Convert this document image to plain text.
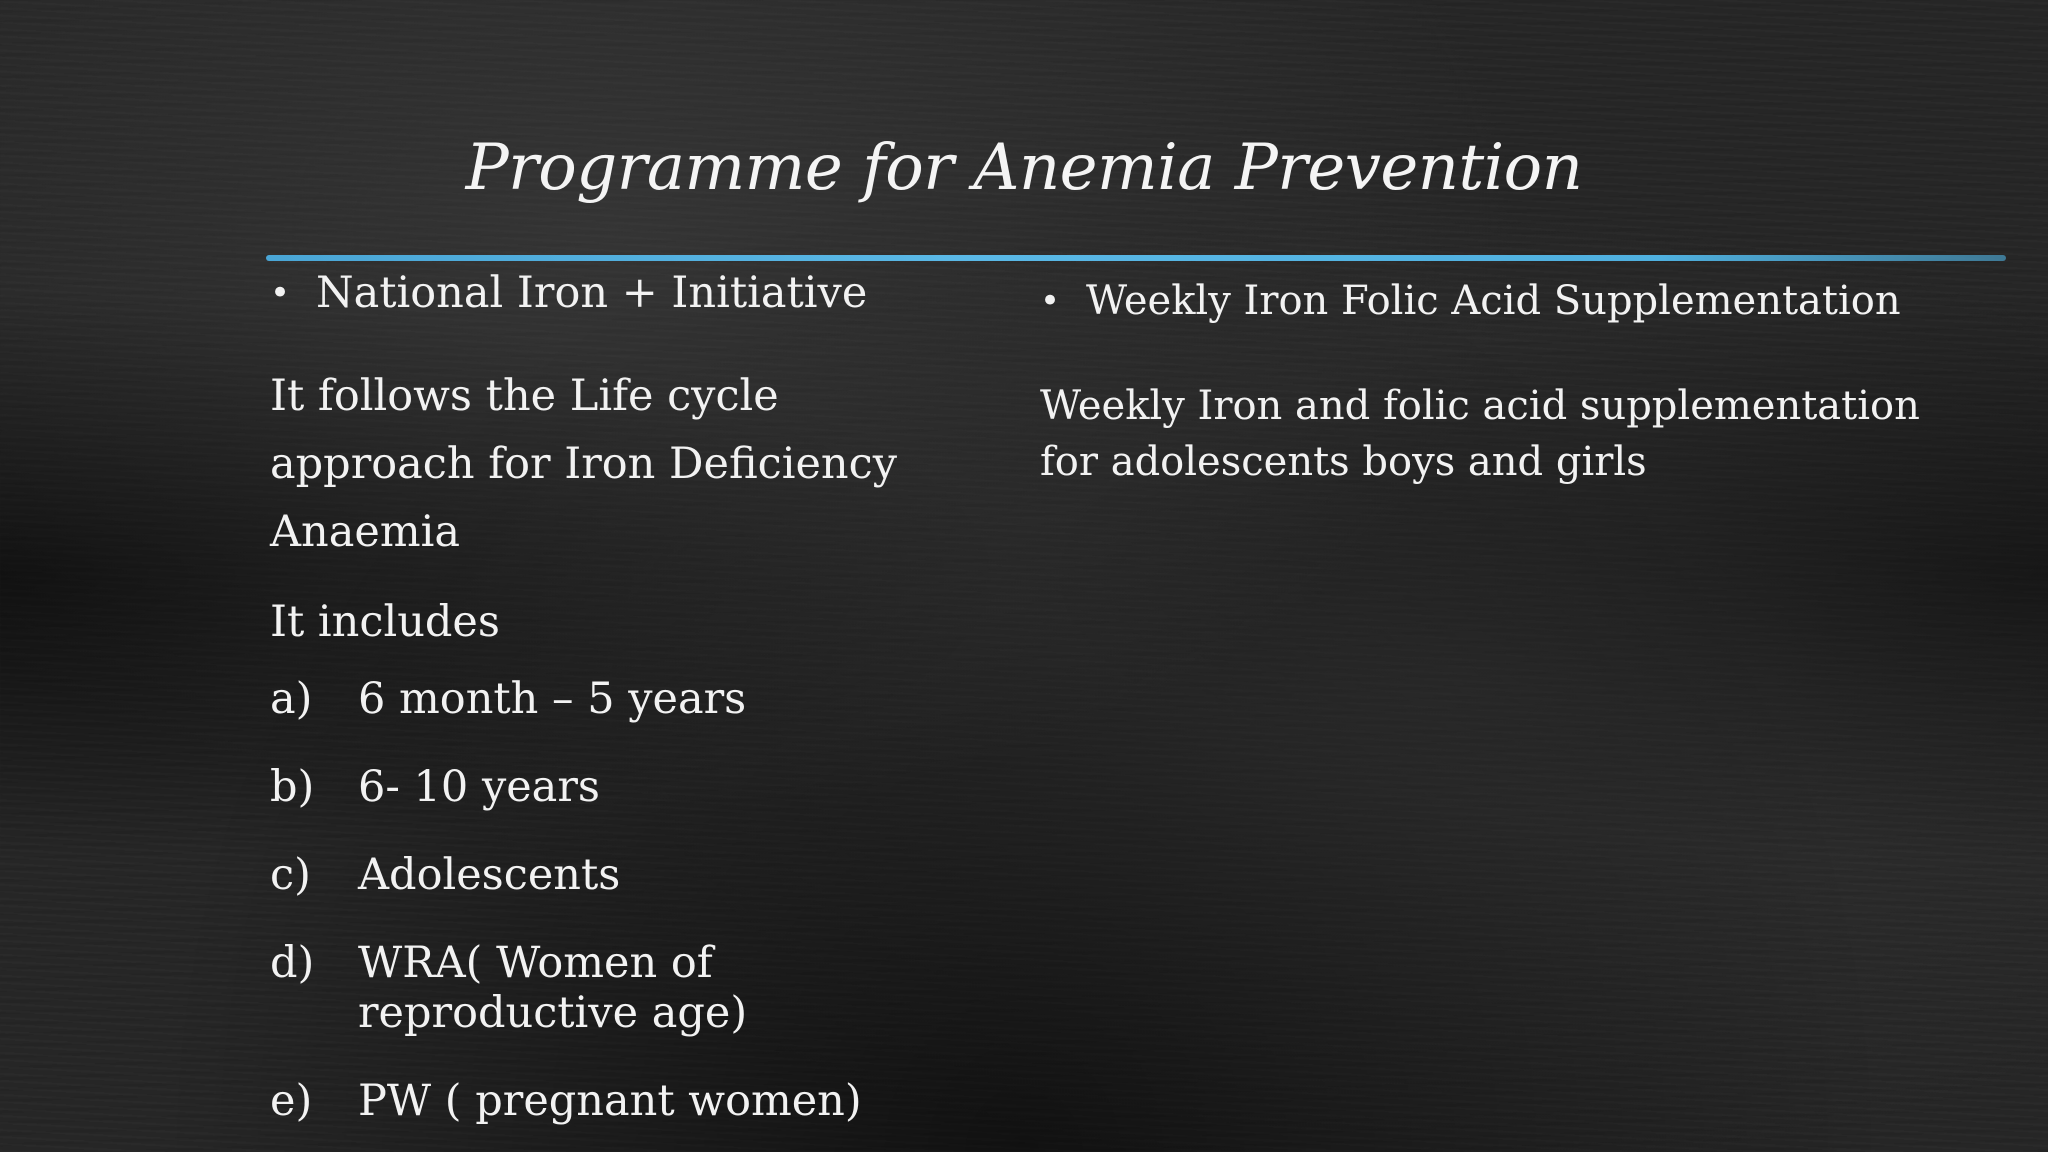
Programme for Anemia Prevention
• National Iron + Initiative
It follows the Life cycle approach for Iron Deficiency Anaemia
It includes
a)	6 month – 5 years
b)	6- 10 years
c)	Adolescents
d)	WRA( Women of reproductive age)
e)	PW ( pregnant women)
• Weekly Iron Folic Acid Supplementation
Weekly Iron and folic acid supplementation for adolescents boys and girls
